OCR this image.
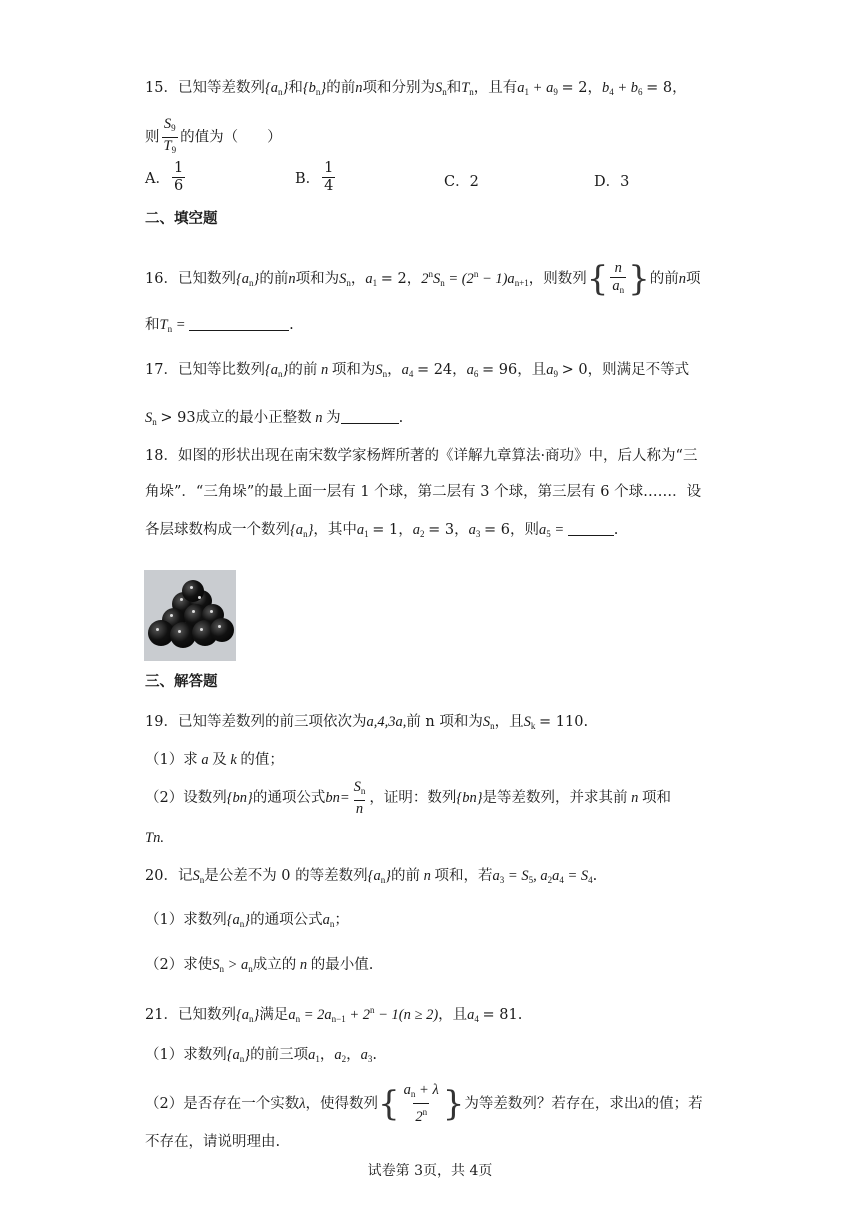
15．已知等差数列$\{a_n\}$和$\{b_n\}$的前n项和分别为$S_n$和$T_n$，且有$a_1 + a_9 = 2$，$b_4 + b_6 = 8$，
则 $\frac{S_9}{T_9}$ 的值为（　　）
A． $\frac{1}{6}$	B． $\frac{1}{4}$	C．2	D．3
二、填空题
16．已知数列$\{a_n\}$的前n项和为$S_n$，$a_1 = 2$，$2^nS_n = (2^n - 1)a_{n+1}$，则数列 { $\frac{n}{a_n}$ } 的前n项
和$T_n$ =	.
17．已知等比数列$\{a_n\}$的前 n 项和为$S_n$，$a_4 = 24$，$a_6 = 96$，且$a_9 > 0$，则满足不等式
$S_n > 93$成立的最小正整数 n 为	.
18．如图的形状出现在南宋数学家杨辉所著的《详解九章算法·商功》中，后人称为“三
角垛”．“三角垛”的最上面一层有 1 个球，第二层有 3 个球，第三层有 6 个球……．设
各层球数构成一个数列$\{a_n\}$，其中$a_1 = 1$，$a_2 = 3$，$a_3 = 6$，则$a_5$ =	.
三、解答题
19．已知等差数列的前三项依次为a,4,3a,前 n 项和为$S_n$，且$S_k = 110$.
（1）求 a 及 k 的值；
（2）设数列{bn}的通项公式$bn= \frac{S_n}{n}$ ，证明：数列{bn}是等差数列，并求其前 n 项和
Tn.
20．记$S_n$是公差不为 0 的等差数列$\{a_n\}$的前 n 项和，若$a_3 = S_5$, $a_2a_4 = S_4$.
（1）求数列$\{a_n\}$的通项公式$a_n$；
（2）求使$S_n > a_n$成立的 n 的最小值.
21．已知数列$\{a_n\}$满足$a_n = 2a_{n-1} + 2^n - 1(n \ge 2)$，且$a_4 = 81$.
（1）求数列$\{a_n\}$的前三项$a_1$，$a_2$，$a_3$.
（2）是否存在一个实数λ，使得数列 { $\frac{a_n + \lambda}{2^n}$ } 为等差数列？若存在，求出λ的值；若
不存在，请说明理由.
试卷第 3页，共 4页
